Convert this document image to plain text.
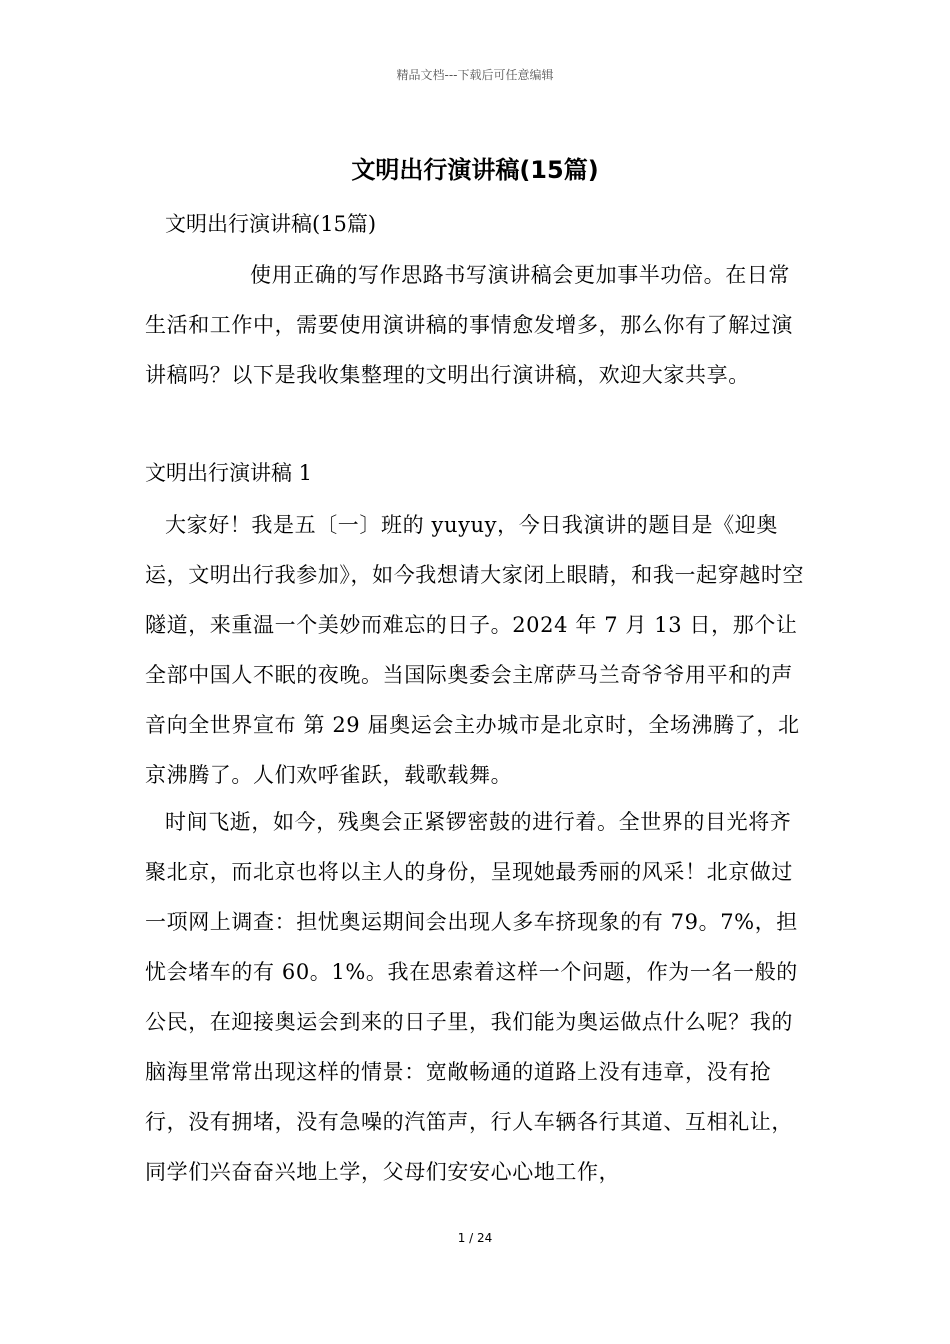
精品文档---下载后可任意编辑
文明出行演讲稿(15篇)

文明出行演讲稿(15篇)

使用正确的写作思路书写演讲稿会更加事半功倍。在日常生活和工作中，需要使用演讲稿的事情愈发增多，那么你有了解过演讲稿吗？以下是我收集整理的文明出行演讲稿，欢迎大家共享。

文明出行演讲稿 1

大家好！我是五〔一〕班的 yuyuy，今日我演讲的题目是《迎奥运，文明出行我参加》，如今我想请大家闭上眼睛，和我一起穿越时空隧道，来重温一个美妙而难忘的日子。2024 年 7 月 13 日，那个让全部中国人不眠的夜晚。当国际奥委会主席萨马兰奇爷爷用平和的声音向全世界宣布 第 29 届奥运会主办城市是北京时，全场沸腾了，北京沸腾了。人们欢呼雀跃，载歌载舞。

时间飞逝，如今，残奥会正紧锣密鼓的进行着。全世界的目光将齐聚北京，而北京也将以主人的身份，呈现她最秀丽的风采！北京做过一项网上调查：担忧奥运期间会出现人多车挤现象的有 79。7%，担忧会堵车的有 60。1%。我在思索着这样一个问题，作为一名一般的公民，在迎接奥运会到来的日子里，我们能为奥运做点什么呢？我的脑海里常常出现这样的情景：宽敞畅通的道路上没有违章，没有抢行，没有拥堵，没有急噪的汽笛声，行人车辆各行其道、互相礼让，同学们兴奋奋兴地上学，父母们安安心心地工作，

1 / 24
